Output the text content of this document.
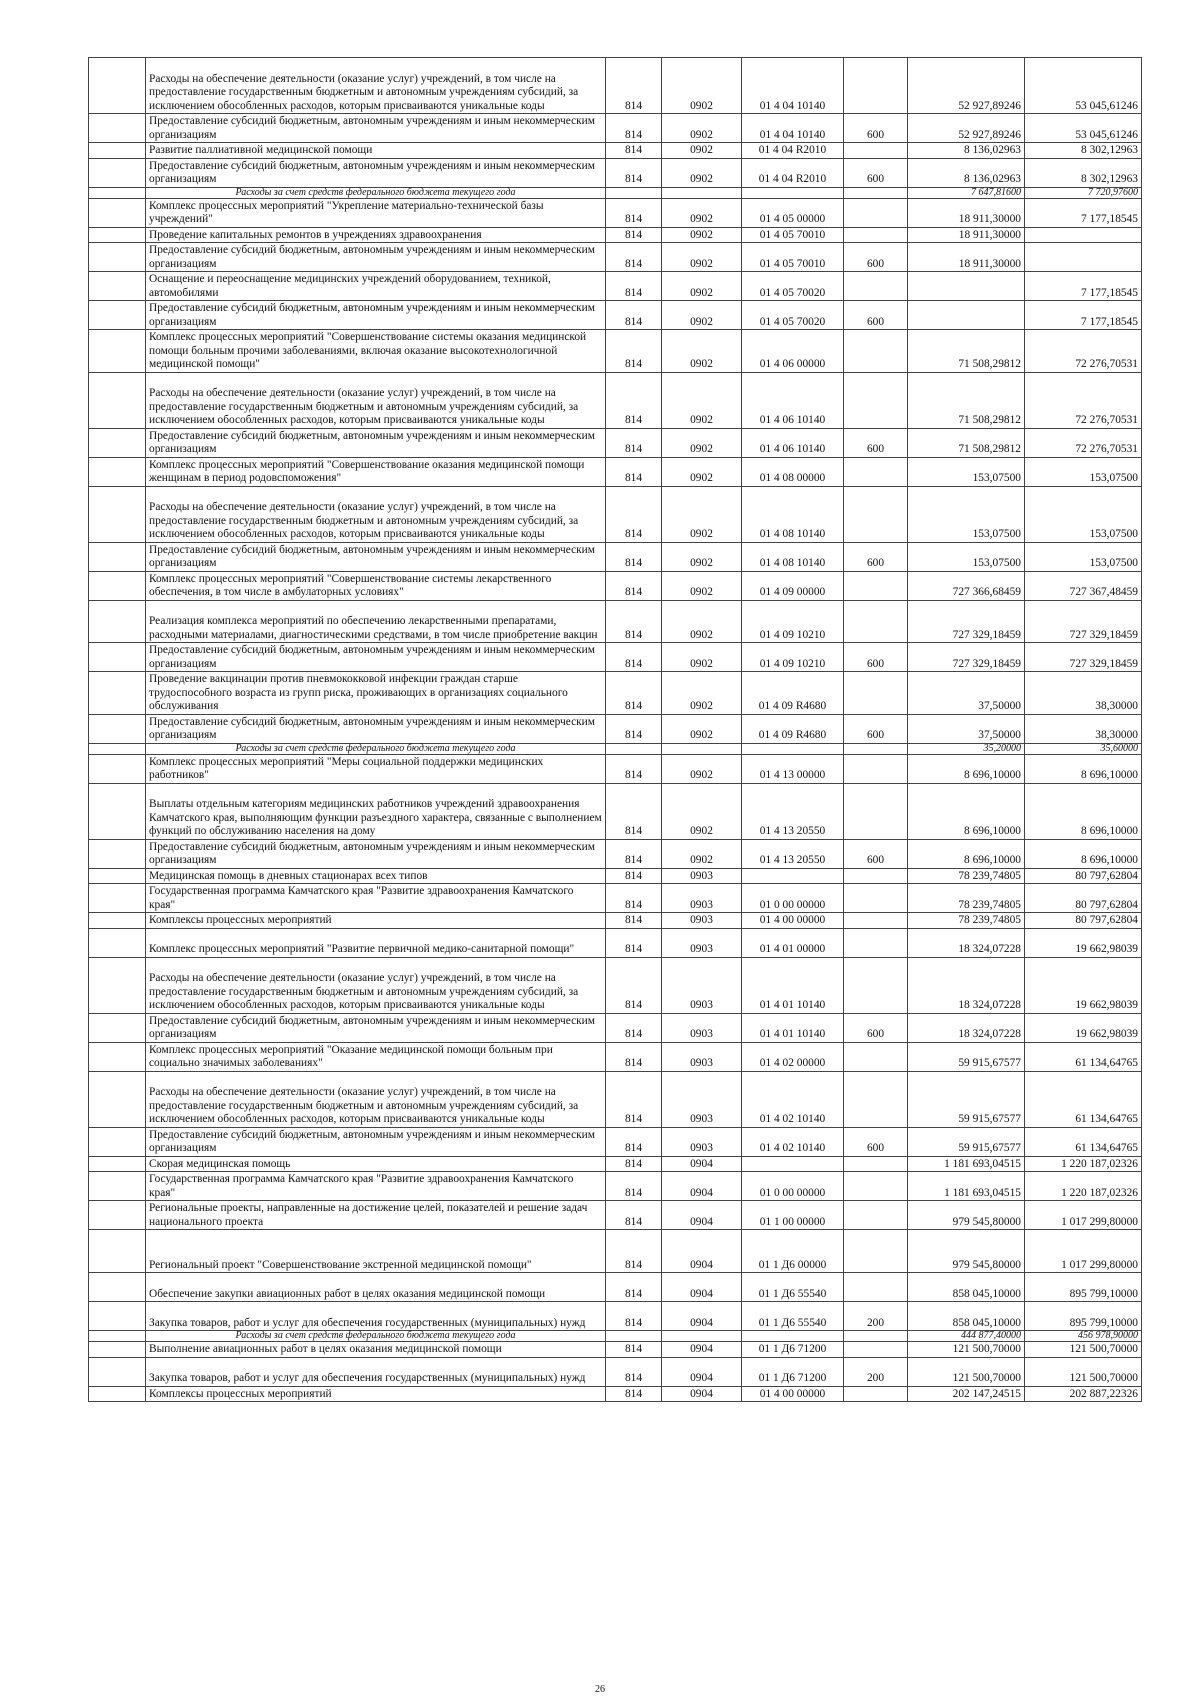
	Расходы на обеспечение деятельности (оказание услуг) учреждений, в том числе на предоставление государственным бюджетным и автономным учреждениям субсидий, за исключением обособленных расходов, которым присваиваются уникальные коды	814	0902	01 4 04 10140		52 927,89246	53 045,61246
	Предоставление субсидий бюджетным, автономным учреждениям и иным некоммерческим организациям	814	0902	01 4 04 10140	600	52 927,89246	53 045,61246
	Развитие паллиативной медицинской помощи	814	0902	01 4 04 R2010		8 136,02963	8 302,12963
	Предоставление субсидий бюджетным, автономным учреждениям и иным некоммерческим организациям	814	0902	01 4 04 R2010	600	8 136,02963	8 302,12963
	Расходы за счет средств федерального бюджета текущего года					7 647,81600	7 720,97600
	Комплекс процессных мероприятий "Укрепление материально-технической базы учреждений"	814	0902	01 4 05 00000		18 911,30000	7 177,18545
	Проведение капитальных ремонтов в учреждениях здравоохранения	814	0902	01 4 05 70010		18 911,30000	
	Предоставление субсидий бюджетным, автономным учреждениям и иным некоммерческим организациям	814	0902	01 4 05 70010	600	18 911,30000	
	Оснащение и переоснащение медицинских учреждений оборудованием, техникой, автомобилями	814	0902	01 4 05 70020			7 177,18545
	Предоставление субсидий бюджетным, автономным учреждениям и иным некоммерческим организациям	814	0902	01 4 05 70020	600		7 177,18545
	Комплекс процессных мероприятий "Совершенствование системы оказания медицинской помощи больным прочими заболеваниями, включая оказание высокотехнологичной медицинской помощи"	814	0902	01 4 06 00000		71 508,29812	72 276,70531
	Расходы на обеспечение деятельности (оказание услуг) учреждений, в том числе на предоставление государственным бюджетным и автономным учреждениям субсидий, за исключением обособленных расходов, которым присваиваются уникальные коды	814	0902	01 4 06 10140		71 508,29812	72 276,70531
	Предоставление субсидий бюджетным, автономным учреждениям и иным некоммерческим организациям	814	0902	01 4 06 10140	600	71 508,29812	72 276,70531
	Комплекс процессных мероприятий "Совершенствование оказания медицинской помощи женщинам в период родовспоможения"	814	0902	01 4 08 00000		153,07500	153,07500
	Расходы на обеспечение деятельности (оказание услуг) учреждений, в том числе на предоставление государственным бюджетным и автономным учреждениям субсидий, за исключением обособленных расходов, которым присваиваются уникальные коды	814	0902	01 4 08 10140		153,07500	153,07500
	Предоставление субсидий бюджетным, автономным учреждениям и иным некоммерческим организациям	814	0902	01 4 08 10140	600	153,07500	153,07500
	Комплекс процессных мероприятий "Совершенствование системы лекарственного обеспечения, в том числе в амбулаторных условиях"	814	0902	01 4 09 00000		727 366,68459	727 367,48459
	Реализация комплекса мероприятий по обеспечению лекарственными препаратами, расходными материалами, диагностическими средствами, в том числе приобретение вакцин	814	0902	01 4 09 10210		727 329,18459	727 329,18459
	Предоставление субсидий бюджетным, автономным учреждениям и иным некоммерческим организациям	814	0902	01 4 09 10210	600	727 329,18459	727 329,18459
	Проведение вакцинации против пневмококковой инфекции граждан старше трудоспособного возраста из групп риска, проживающих в организациях социального обслуживания	814	0902	01 4 09 R4680		37,50000	38,30000
	Предоставление субсидий бюджетным, автономным учреждениям и иным некоммерческим организациям	814	0902	01 4 09 R4680	600	37,50000	38,30000
	Расходы за счет средств федерального бюджета текущего года					35,20000	35,60000
	Комплекс процессных мероприятий "Меры социальной поддержки медицинских работников"	814	0902	01 4 13 00000		8 696,10000	8 696,10000
	Выплаты отдельным категориям медицинских работников учреждений здравоохранения Камчатского края, выполняющим функции разъездного характера, связанные с выполнением функций по обслуживанию населения на дому	814	0902	01 4 13 20550		8 696,10000	8 696,10000
	Предоставление субсидий бюджетным, автономным учреждениям и иным некоммерческим организациям	814	0902	01 4 13 20550	600	8 696,10000	8 696,10000
	Медицинская помощь в дневных стационарах всех типов	814	0903			78 239,74805	80 797,62804
	Государственная программа Камчатского края "Развитие здравоохранения Камчатского края"	814	0903	01 0 00 00000		78 239,74805	80 797,62804
	Комплексы процессных мероприятий	814	0903	01 4 00 00000		78 239,74805	80 797,62804
	Комплекс процессных мероприятий "Развитие первичной медико-санитарной помощи"	814	0903	01 4 01 00000		18 324,07228	19 662,98039
	Расходы на обеспечение деятельности (оказание услуг) учреждений, в том числе на предоставление государственным бюджетным и автономным учреждениям субсидий, за исключением обособленных расходов, которым присваиваются уникальные коды	814	0903	01 4 01 10140		18 324,07228	19 662,98039
	Предоставление субсидий бюджетным, автономным учреждениям и иным некоммерческим организациям	814	0903	01 4 01 10140	600	18 324,07228	19 662,98039
	Комплекс процессных мероприятий "Оказание медицинской помощи больным при социально значимых заболеваниях"	814	0903	01 4 02 00000		59 915,67577	61 134,64765
	Расходы на обеспечение деятельности (оказание услуг) учреждений, в том числе на предоставление государственным бюджетным и автономным учреждениям субсидий, за исключением обособленных расходов, которым присваиваются уникальные коды	814	0903	01 4 02 10140		59 915,67577	61 134,64765
	Предоставление субсидий бюджетным, автономным учреждениям и иным некоммерческим организациям	814	0903	01 4 02 10140	600	59 915,67577	61 134,64765
	Скорая медицинская помощь	814	0904			1 181 693,04515	1 220 187,02326
	Государственная программа Камчатского края "Развитие здравоохранения Камчатского края"	814	0904	01 0 00 00000		1 181 693,04515	1 220 187,02326
	Региональные проекты, направленные на достижение целей, показателей и решение задач национального проекта	814	0904	01 1 00 00000		979 545,80000	1 017 299,80000
	Региональный проект "Совершенствование экстренной медицинской помощи"	814	0904	01 1 Д6 00000		979 545,80000	1 017 299,80000
	Обеспечение закупки авиационных работ в целях оказания медицинской помощи	814	0904	01 1 Д6 55540		858 045,10000	895 799,10000
	Закупка товаров, работ и услуг для обеспечения государственных (муниципальных) нужд	814	0904	01 1 Д6 55540	200	858 045,10000	895 799,10000
	Расходы за счет средств федерального бюджета текущего года					444 877,40000	456 978,90000
	Выполнение авиационных работ в целях оказания медицинской помощи	814	0904	01 1 Д6 71200		121 500,70000	121 500,70000
	Закупка товаров, работ и услуг для обеспечения государственных (муниципальных) нужд	814	0904	01 1 Д6 71200	200	121 500,70000	121 500,70000
	Комплексы процессных мероприятий	814	0904	01 4 00 00000		202 147,24515	202 887,22326
26
